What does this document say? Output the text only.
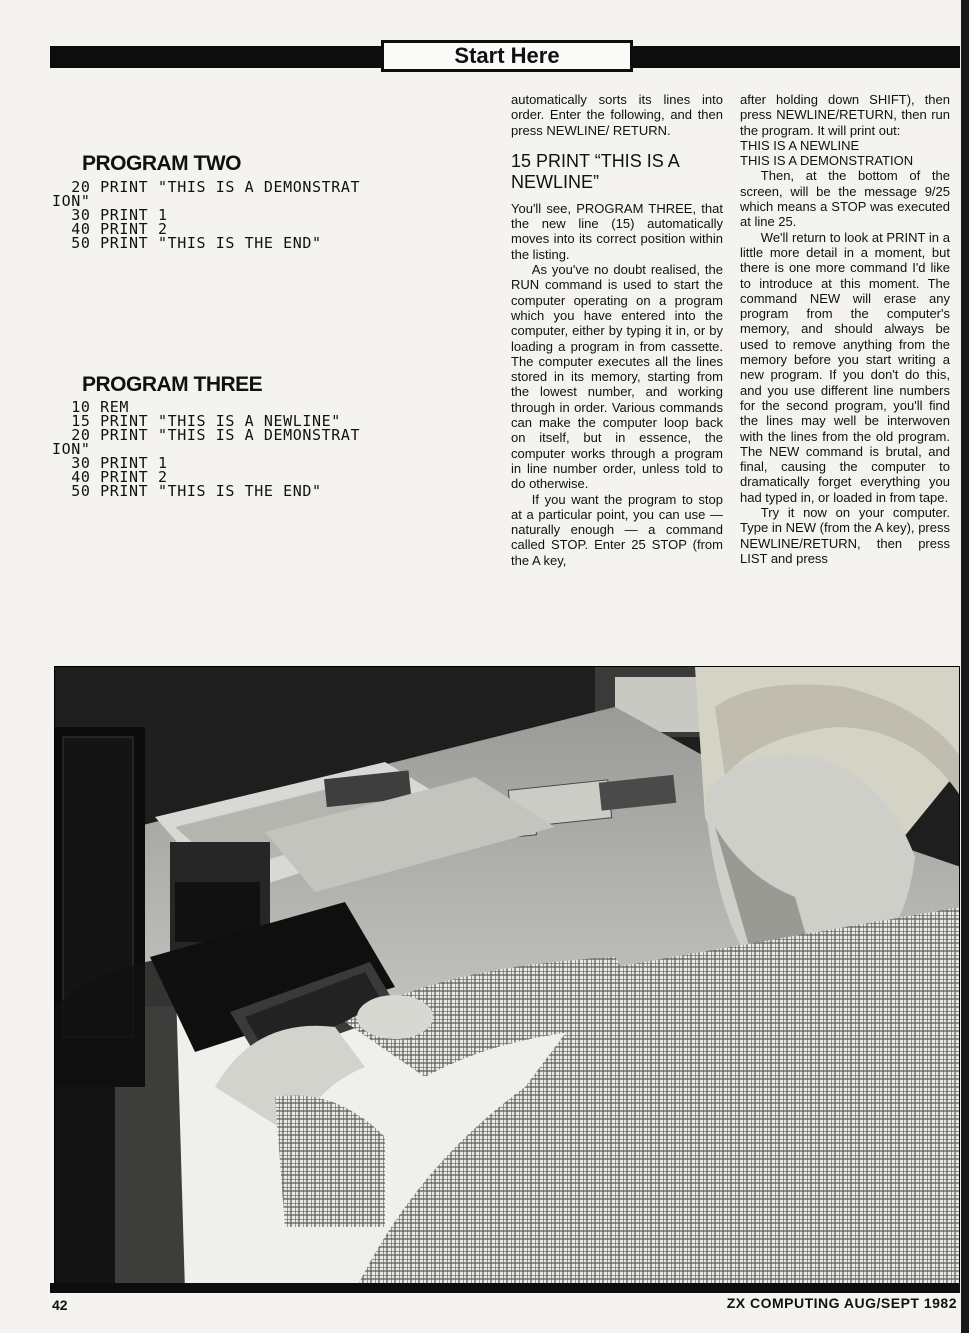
Start Here
PROGRAM TWO
20 PRINT "THIS IS A DEMONSTRAT
ION"
30 PRINT 1
40 PRINT 2
50 PRINT "THIS IS THE END"
PROGRAM THREE
10 REM
15 PRINT "THIS IS A NEWLINE"
20 PRINT "THIS IS A DEMONSTRAT
ION"
30 PRINT 1
40 PRINT 2
50 PRINT "THIS IS THE END"

automatically sorts its lines into order. Enter the following, and then press NEWLINE/ RETURN.

15 PRINT “THIS IS A NEWLINE”

You'll see, PROGRAM THREE, that the new line (15) automatically moves into its correct position within the listing.

As you've no doubt realised, the RUN command is used to start the computer operating on a program which you have entered into the computer, either by typing it in, or by loading a program in from cassette. The computer executes all the lines stored in its memory, starting from the lowest number, and working through in order. Various commands can make the computer loop back on itself, but in essence, the computer works through a program in line number order, unless told to do otherwise.

If you want the program to stop at a particular point, you can use — naturally enough — a command called STOP. Enter 25 STOP (from the A key,

after holding down SHIFT), then press NEWLINE/RETURN, then run the program. It will print out:

THIS IS A NEWLINE

THIS IS A DEMONSTRATION

Then, at the bottom of the screen, will be the message 9/25 which means a STOP was executed at line 25.

We'll return to look at PRINT in a little more detail in a moment, but there is one more command I'd like to introduce at this moment. The command NEW will erase any program from the computer's memory, and should always be used to remove anything from the memory before you start writing a new program. If you don't do this, and you use different line numbers for the second program, you'll find the lines may well be interwoven with the lines from the old program. The NEW command is brutal, and final, causing the computer to dramatically forget everything you had typed in, or loaded in from tape.

Try it now on your computer. Type in NEW (from the A key), press NEWLINE/RETURN, then press LIST and press

42	ZX COMPUTING AUG/SEPT 1982
